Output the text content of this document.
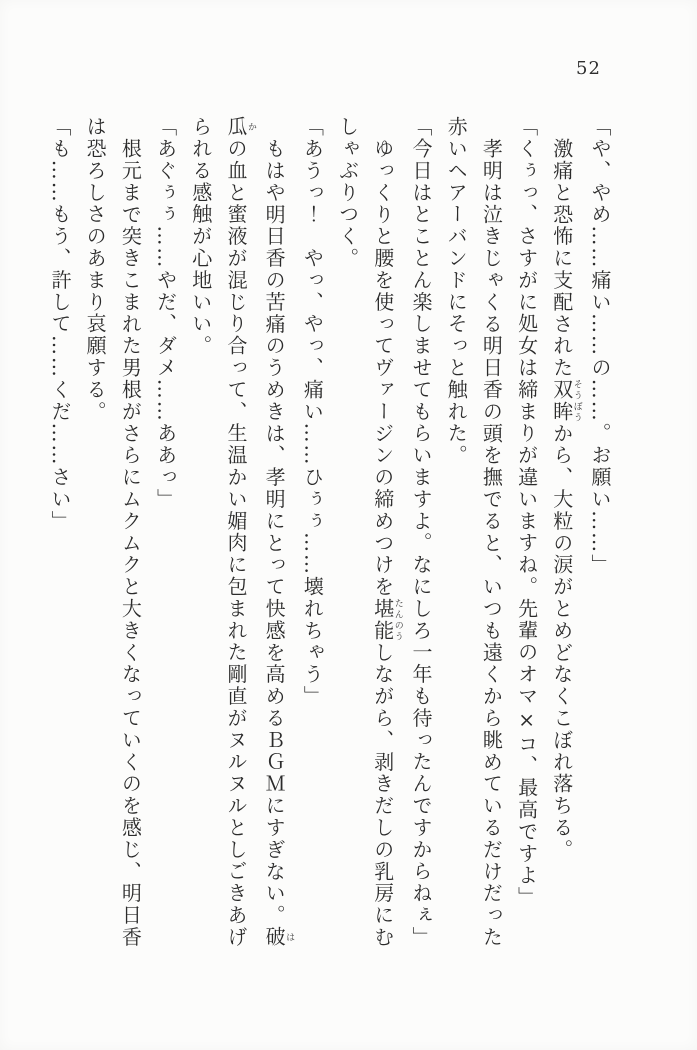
52
「や、やめ……痛い……の……。お願い……」
激痛と恐怖に支配された双眸そうぼうから、大粒の涙がとめどなくこぼれ落ちる。
「くぅっ、さすがに処女は締まりが違いますね。先輩のオマ×コ、最高ですよ」
孝明は泣きじゃくる明日香の頭を撫でると、いつも遠くから眺めているだけだった
赤いヘアーバンドにそっと触れた。
「今日はとことん楽しませてもらいますよ。なにしろ一年も待ったんですからねぇ」
ゆっくりと腰を使ってヴァージンの締めつけを堪能たんのうしながら、剥きだしの乳房にむ
しゃぶりつく。
「あうっ！　やっ、やっ、痛い……ひぅぅ……壊れちゃう」
もはや明日香の苦痛のうめきは、孝明にとって快感を高めるＢＧＭにすぎない。破は
瓜かの血と蜜液が混じり合って、生温かい媚肉に包まれた剛直がヌルヌルとしごきあげ
られる感触が心地いい。
「あぐぅぅ……やだ、ダメ……ああっ」
根元まで突きこまれた男根がさらにムクムクと大きくなっていくのを感じ、明日香
は恐ろしさのあまり哀願する。
「も……もう、許して……くだ……さい」
